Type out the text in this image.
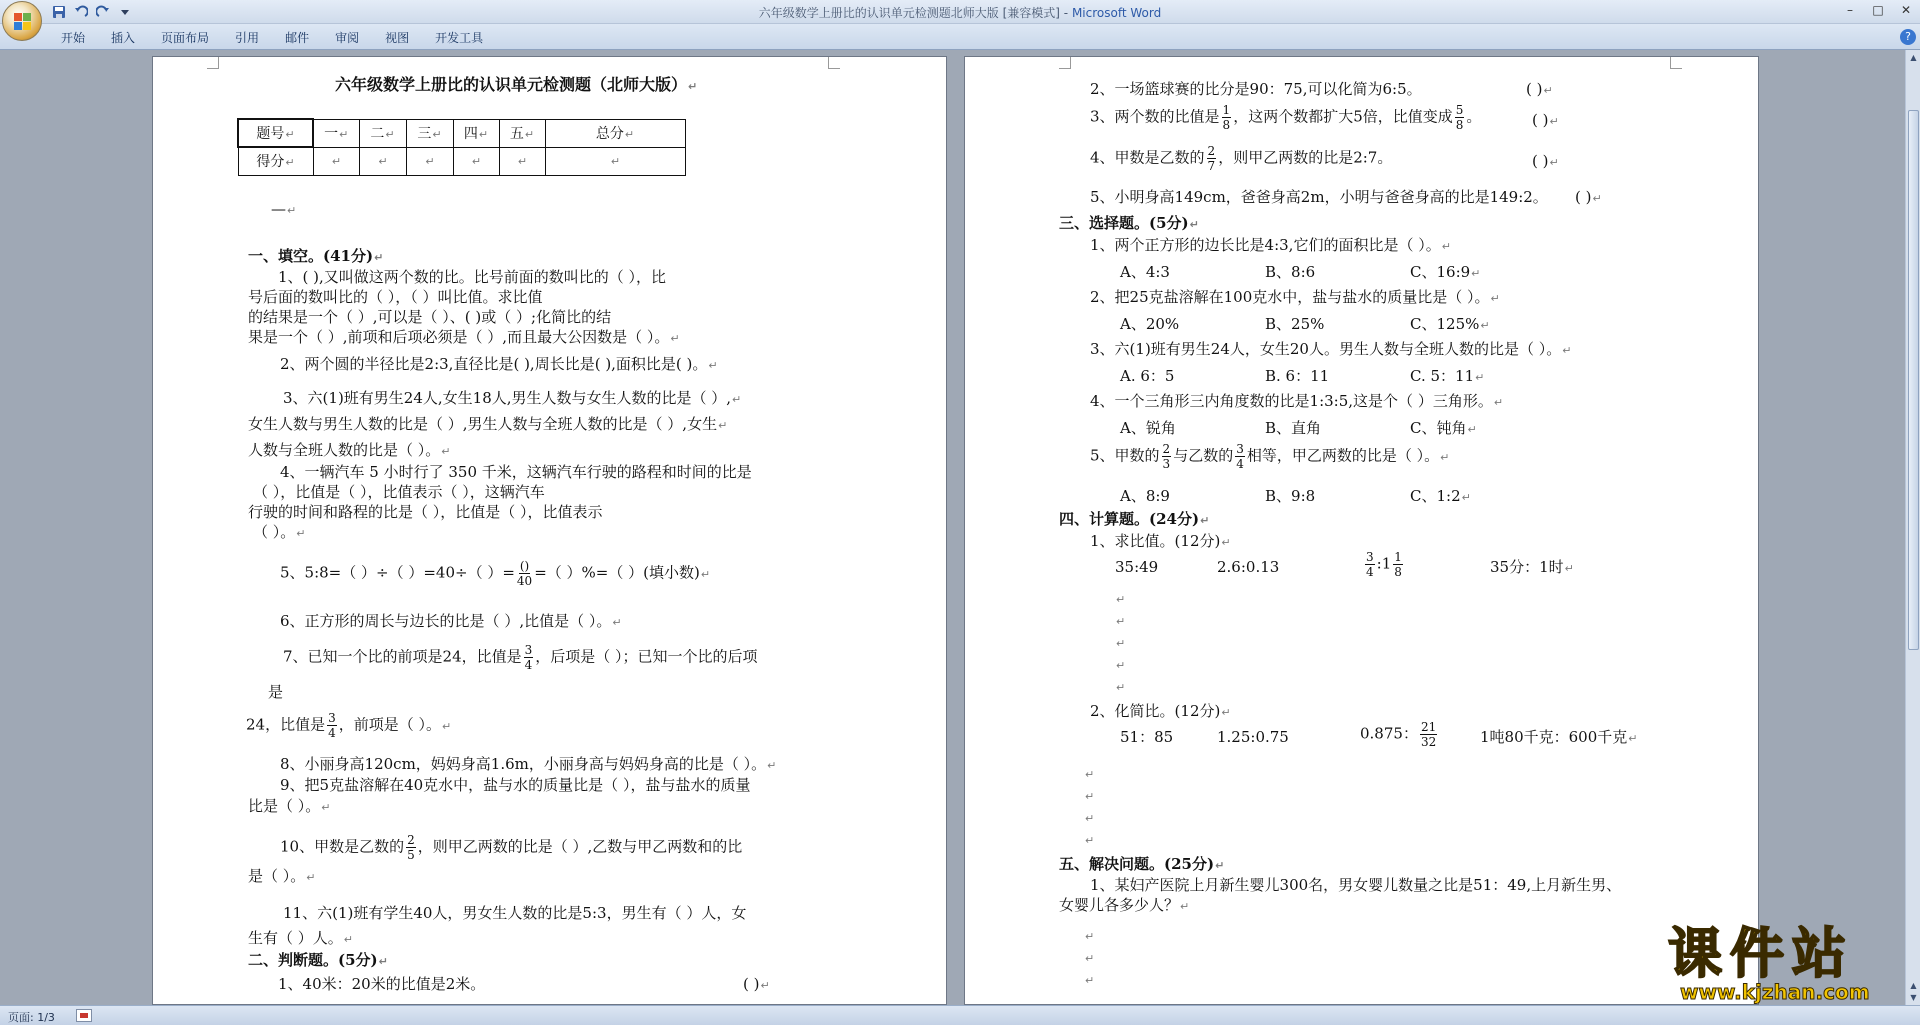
六年级数学上册比的认识单元检测题北师大版 [兼容模式] - Microsoft Word	–	□	✕
开始	插入	页面布局	引用	邮件	审阅	视图	开发工具	?
六年级数学上册比的认识单元检测题（北师大版）↵
题号↵	一↵	二↵	三↵	四↵	五↵	总分↵
得分↵	↵	↵	↵	↵	↵	↵
—↵
一、填空。(41分)↵
1、( ),又叫做这两个数的比。比号前面的数叫比的（ ），比
号后面的数叫比的（ ），（ ）叫比值。求比值
的结果是一个（ ）,可以是（ ）、( )或（ ）;化简比的结
果是一个（ ）,前项和后项必须是（ ）,而且最大公因数是（ ）。↵
2、两个圆的半径比是2:3,直径比是( ),周长比是( ),面积比是( )。↵
3、六(1)班有男生24人,女生18人,男生人数与女生人数的比是（ ）,↵
女生人数与男生人数的比是（ ）,男生人数与全班人数的比是（ ）,女生↵
人数与全班人数的比是（ ）。↵
4、一辆汽车 5 小时行了 350 千米，这辆汽车行驶的路程和时间的比是
（ ），比值是（ ），比值表示（ ），这辆汽车
行驶的时间和路程的比是（ ），比值是（ ），比值表示
（ ）。↵
5、5:8=（ ）÷（ ）=40÷（ ）= $\frac{()}{40}$ =（ ）%=（ ）(填小数)↵
6、正方形的周长与边长的比是（ ）,比值是（ ）。↵
7、已知一个比的前项是24，比值是 $\frac{3}{4}$ ，后项是（ ）；已知一个比的后项
是
24，比值是 $\frac{3}{4}$ ，前项是（ ）。↵
8、小丽身高120cm，妈妈身高1.6m，小丽身高与妈妈身高的比是（ ）。↵
9、把5克盐溶解在40克水中，盐与水的质量比是（ ），盐与盐水的质量
比是（ ）。↵
10、甲数是乙数的 $\frac{2}{5}$ ，则甲乙两数的比是（ ）,乙数与甲乙两数和的比
是（ ）。↵
11、六(1)班有学生40人，男女生人数的比是5:3，男生有（ ）人，女
生有（ ）人。↵
二、判断题。(5分)↵
1、40米：20米的比值是2米。	( )↵
2、一场篮球赛的比分是90：75,可以化简为6:5。	( )↵
3、两个数的比值是 $\frac{1}{8}$ ，这两个数都扩大5倍，比值变成 $\frac{5}{8}$ 。	( )↵
4、甲数是乙数的 $\frac{2}{7}$ ，则甲乙两数的比是2:7。	( )↵
5、小明身高149cm，爸爸身高2m，小明与爸爸身高的比是149:2。 ( )↵
三、选择题。(5分)↵
1、两个正方形的边长比是4:3,它们的面积比是（ ）。↵
A、4:3	B、8:6	C、16:9↵
2、把25克盐溶解在100克水中，盐与盐水的质量比是（ ）。↵
A、20%	B、25%	C、125%↵
3、六(1)班有男生24人，女生20人。男生人数与全班人数的比是（ ）。↵
A. 6：5	B. 6：11	C. 5：11↵
4、一个三角形三内角度数的比是1:3:5,这是个（ ）三角形。↵
A、锐角	B、直角	C、钝角↵
5、甲数的 $\frac{2}{3}$ 与乙数的 $\frac{3}{4}$ 相等，甲乙两数的比是（ ）。↵
A、8:9	B、9:8	C、1:2↵
四、计算题。(24分)↵
1、求比值。(12分)↵
35:49	2.6:0.13	$\frac{3}{4}$ :1 $\frac{1}{8}$	35分：1时↵
↵
↵
↵
↵
↵
2、化简比。(12分)↵
51：85	1.25:0.75	0.875： $\frac{21}{32}$	1吨80千克：600千克↵
↵
↵
↵
↵
五、解决问题。(25分)↵
1、某妇产医院上月新生婴儿300名，男女婴儿数量之比是51：49,上月新生男、
女婴儿各多少人？↵
↵
↵
↵
▲
▲
▼
页面: 1/3
课件站
www.kjzhan.com
